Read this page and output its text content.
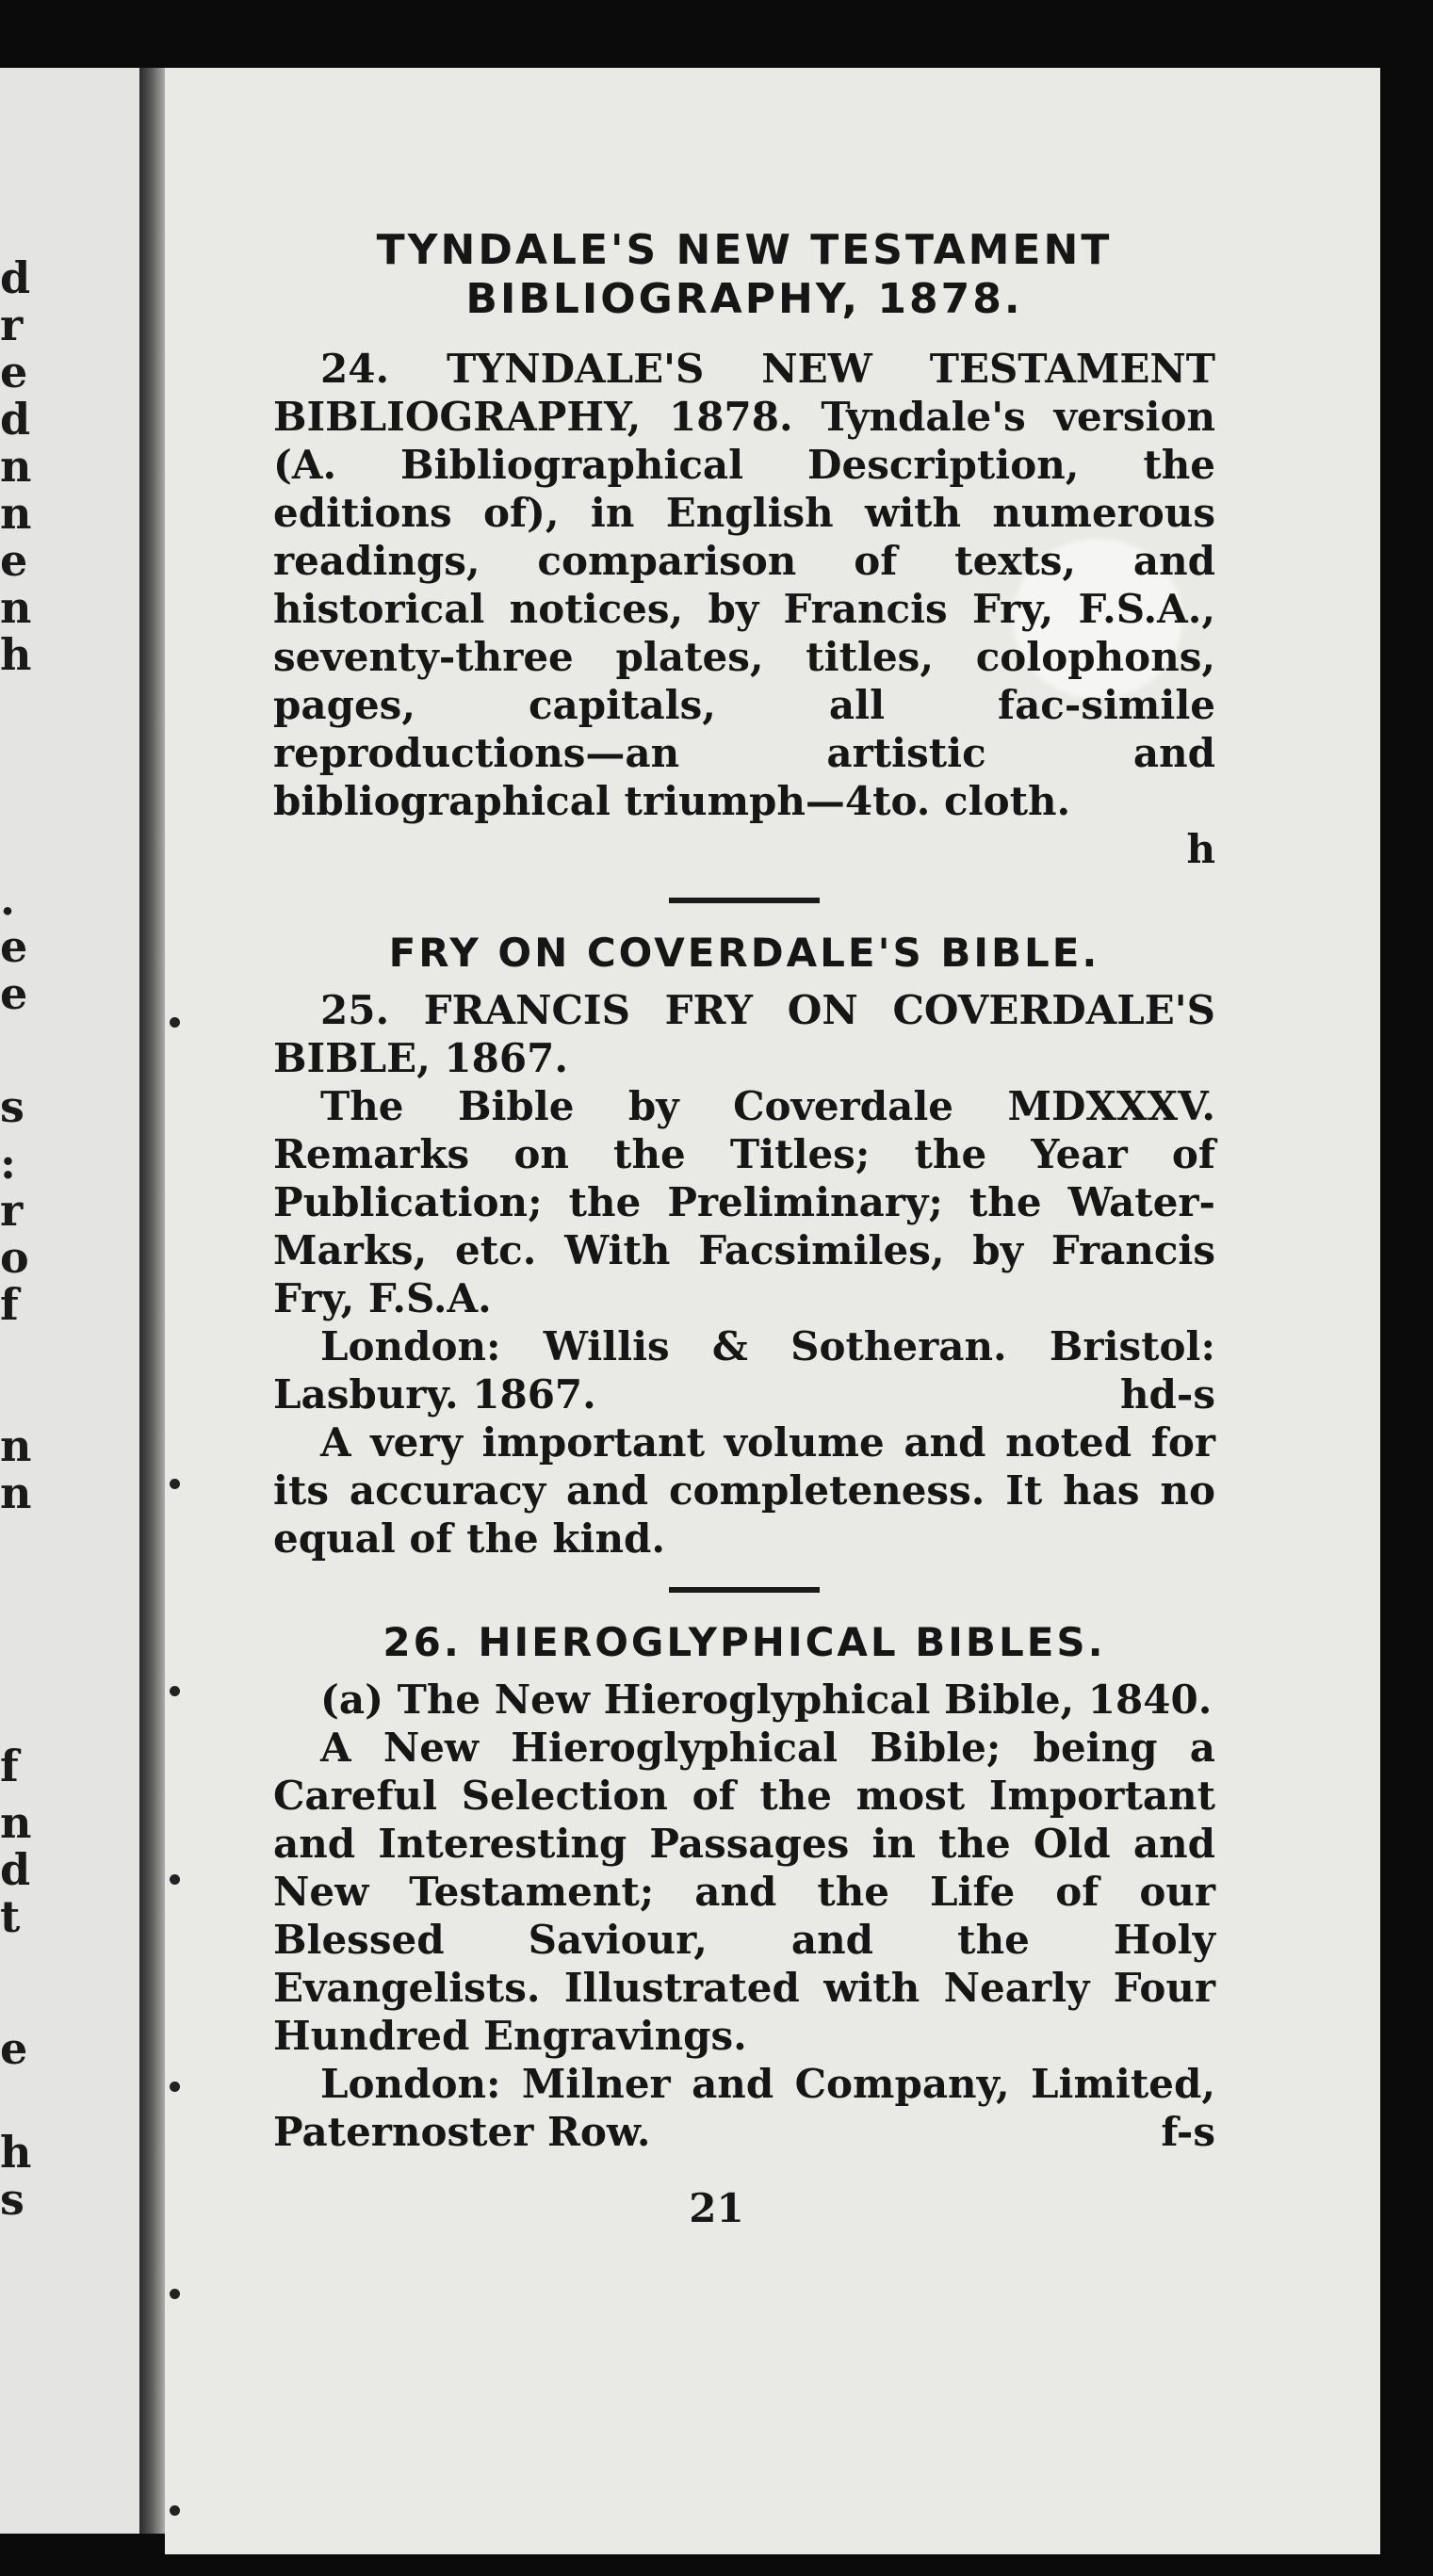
d
r
e
d
n
n
e
n
h
.
e
e
s
:
r
o
f
n
n
f
n
d
t
e
h
s
TYNDALE'S NEW TESTAMENT
BIBLIOGRAPHY, 1878.

24. TYNDALE'S NEW TESTAMENT BIBLIOGRAPHY, 1878. Tyndale's version (A. Bibliographical Description, the editions of), in English with numerous readings, comparison of texts, and historical notices, by Francis Fry, F.S.A., seventy-three plates, titles, colophons, pages, capitals, all fac-simile reproductions—an artistic and bibliographical triumph—4to. cloth.
h

FRY ON COVERDALE'S BIBLE.

25. FRANCIS FRY ON COVERDALE'S BIBLE, 1867.

The Bible by Coverdale MDXXXV. Remarks on the Titles; the Year of Publication; the Preliminary; the Water-Marks, etc. With Facsimiles, by Francis Fry, F.S.A.

London: Willis & Sotheran. Bristol: Lasbury. 1867.	hd-s

A very important volume and noted for its accuracy and completeness. It has no equal of the kind.

26. HIEROGLYPHICAL BIBLES.

(a) The New Hieroglyphical Bible, 1840.

A New Hieroglyphical Bible; being a Careful Selection of the most Important and Interesting Passages in the Old and New Testament; and the Life of our Blessed Saviour, and the Holy Evangelists. Illustrated with Nearly Four Hundred Engravings.

London: Milner and Company, Limited, Paternoster Row.	f-s

21
